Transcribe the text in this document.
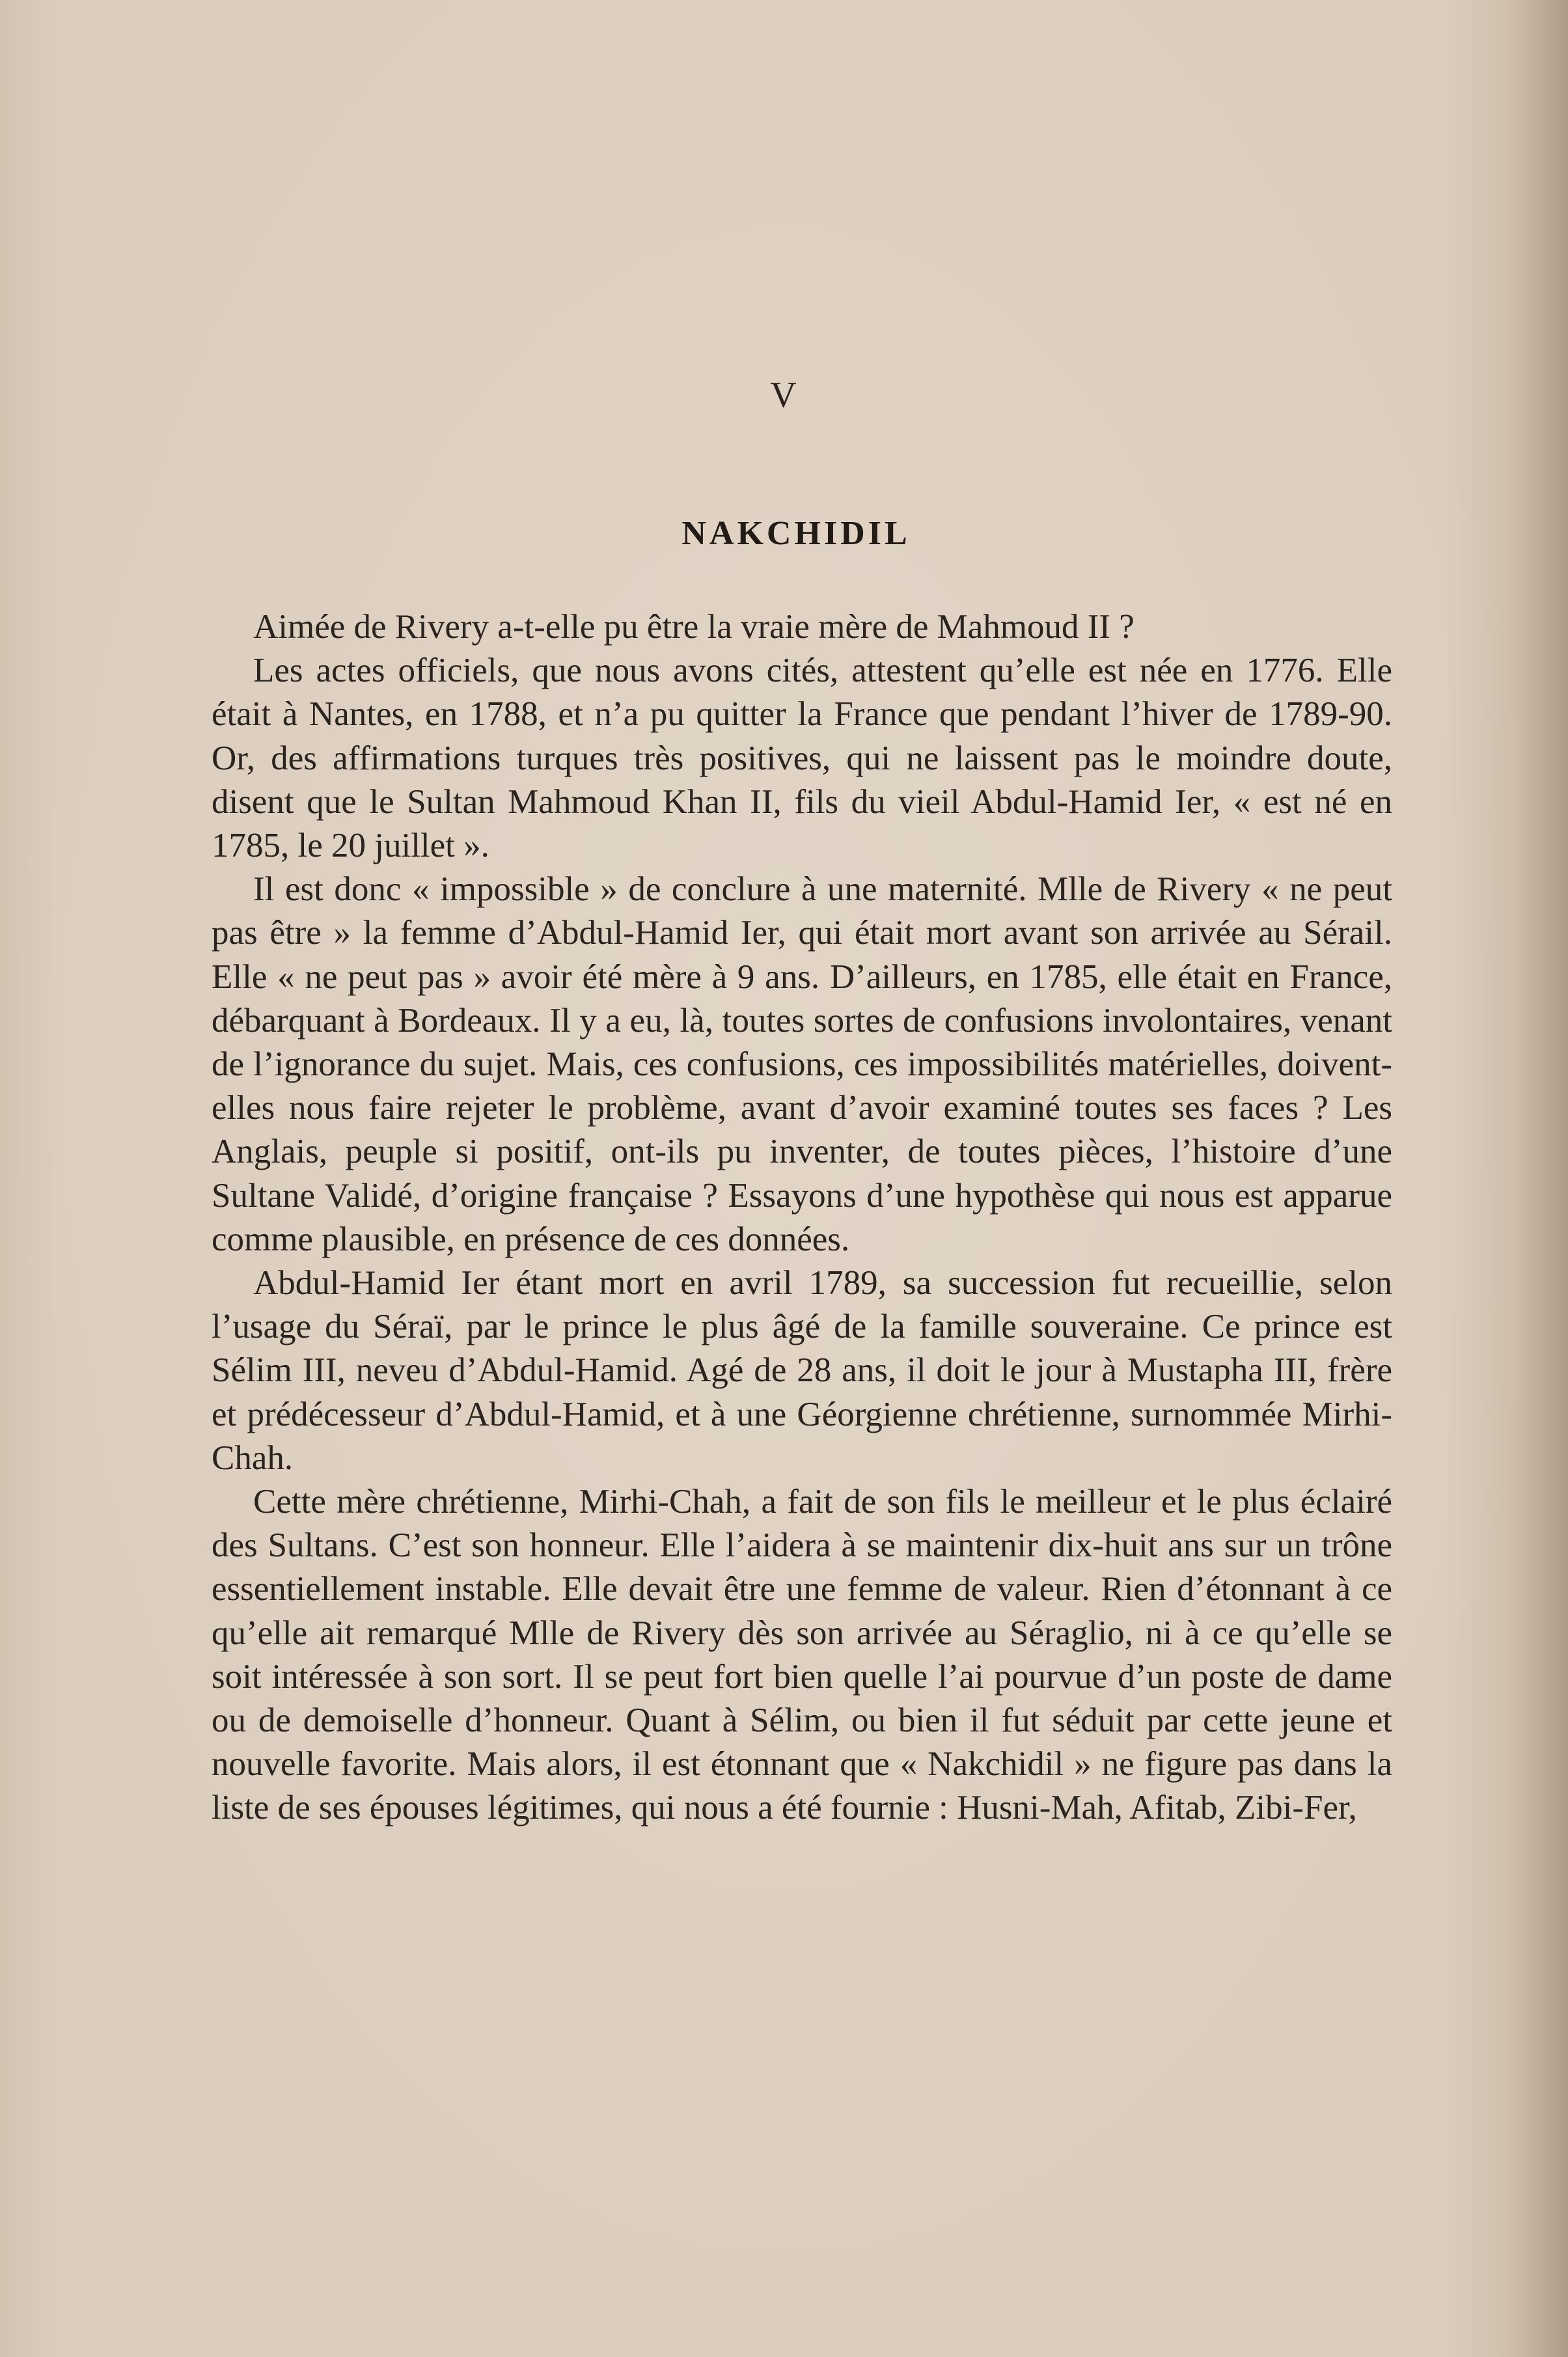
V
NAKCHIDIL

Aimée de Rivery a-t-elle pu être la vraie mère de Mahmoud II ?

Les actes officiels, que nous avons cités, attestent qu’elle est née en 1776. Elle était à Nantes, en 1788, et n’a pu quitter la France que pendant l’hiver de 1789-90. Or, des affirmations turques très positives, qui ne laissent pas le moindre doute, disent que le Sultan Mahmoud Khan II, fils du vieil Abdul-Hamid Ier, « est né en 1785, le 20 juillet ».

Il est donc « impossible » de conclure à une maternité. Mlle de Rivery « ne peut pas être » la femme d’Abdul-Hamid Ier, qui était mort avant son arrivée au Sérail. Elle « ne peut pas » avoir été mère à 9 ans. D’ailleurs, en 1785, elle était en France, débarquant à Bordeaux. Il y a eu, là, toutes sortes de confusions involontaires, venant de l’ignorance du sujet. Mais, ces confusions, ces impossibilités matérielles, doivent-elles nous faire rejeter le problème, avant d’avoir examiné toutes ses faces ? Les Anglais, peuple si positif, ont-ils pu inventer, de toutes pièces, l’histoire d’une Sultane Validé, d’origine française ? Essayons d’une hypothèse qui nous est apparue comme plausible, en présence de ces données.

Abdul-Hamid Ier étant mort en avril 1789, sa succession fut recueillie, selon l’usage du Séraï, par le prince le plus âgé de la famille souveraine. Ce prince est Sélim III, neveu d’Abdul-Hamid. Agé de 28 ans, il doit le jour à Mustapha III, frère et prédécesseur d’Abdul-Hamid, et à une Géorgienne chrétienne, surnommée Mirhi-Chah.

Cette mère chrétienne, Mirhi-Chah, a fait de son fils le meilleur et le plus éclairé des Sultans. C’est son honneur. Elle l’aidera à se maintenir dix-huit ans sur un trône essentiellement instable. Elle devait être une femme de valeur. Rien d’étonnant à ce qu’elle ait remarqué Mlle de Rivery dès son arrivée au Séraglio, ni à ce qu’elle se soit intéressée à son sort. Il se peut fort bien quelle l’ai pourvue d’un poste de dame ou de demoiselle d’honneur. Quant à Sélim, ou bien il fut séduit par cette jeune et nouvelle favorite. Mais alors, il est étonnant que « Nakchidil » ne figure pas dans la liste de ses épouses légitimes, qui nous a été fournie : Husni-Mah, Afitab, Zibi-Fer,
